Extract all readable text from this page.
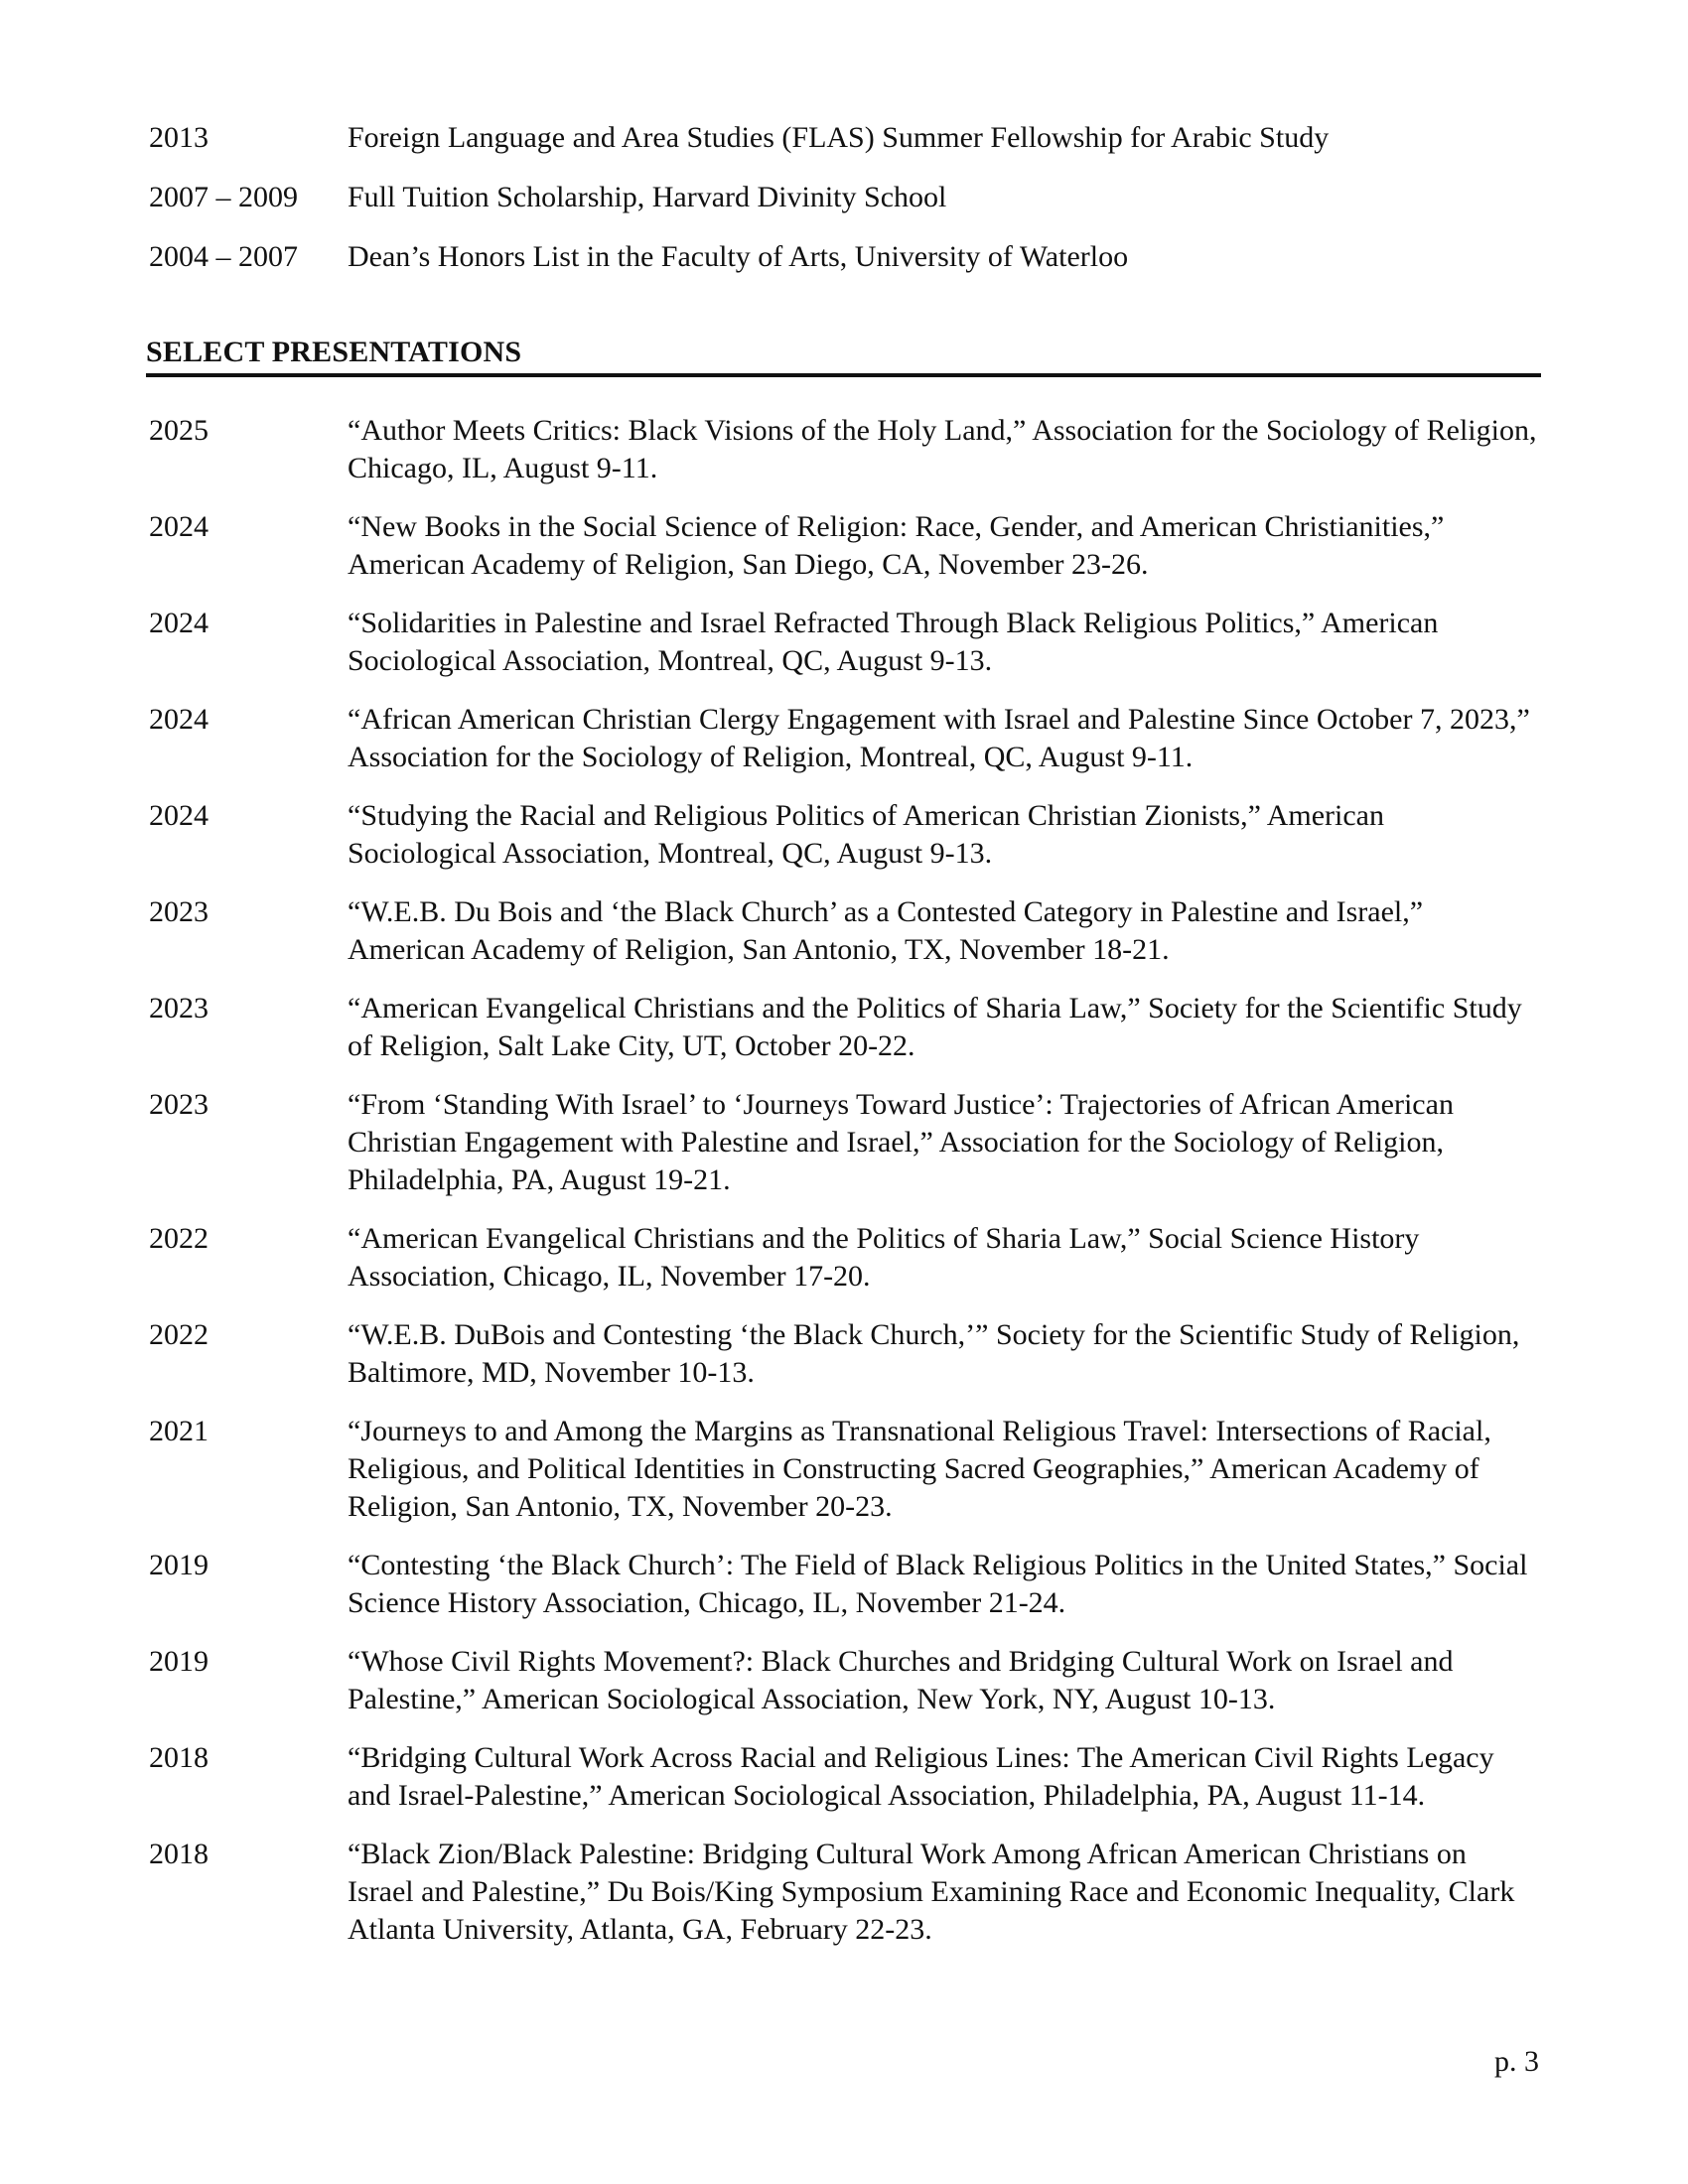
2013	Foreign Language and Area Studies (FLAS) Summer Fellowship for Arabic Study
2007 – 2009	Full Tuition Scholarship, Harvard Divinity School
2004 – 2007	Dean’s Honors List in the Faculty of Arts, University of Waterloo
SELECT PRESENTATIONS
2025	“Author Meets Critics: Black Visions of the Holy Land,” Association for the Sociology of Religion, Chicago, IL, August 9-11.
2024	“New Books in the Social Science of Religion: Race, Gender, and American Christianities,” American Academy of Religion, San Diego, CA, November 23-26.
2024	“Solidarities in Palestine and Israel Refracted Through Black Religious Politics,” American Sociological Association, Montreal, QC, August 9-13.
2024	“African American Christian Clergy Engagement with Israel and Palestine Since October 7, 2023,” Association for the Sociology of Religion, Montreal, QC, August 9-11.
2024	“Studying the Racial and Religious Politics of American Christian Zionists,” American Sociological Association, Montreal, QC, August 9-13.
2023	“W.E.B. Du Bois and ‘the Black Church’ as a Contested Category in Palestine and Israel,” American Academy of Religion, San Antonio, TX, November 18-21.
2023	“American Evangelical Christians and the Politics of Sharia Law,” Society for the Scientific Study of Religion, Salt Lake City, UT, October 20-22.
2023	“From ‘Standing With Israel’ to ‘Journeys Toward Justice’: Trajectories of African American Christian Engagement with Palestine and Israel,” Association for the Sociology of Religion, Philadelphia, PA, August 19-21.
2022	“American Evangelical Christians and the Politics of Sharia Law,” Social Science History Association, Chicago, IL, November 17-20.
2022	“W.E.B. DuBois and Contesting ‘the Black Church,’” Society for the Scientific Study of Religion, Baltimore, MD, November 10-13.
2021	“Journeys to and Among the Margins as Transnational Religious Travel: Intersections of Racial, Religious, and Political Identities in Constructing Sacred Geographies,” American Academy of Religion, San Antonio, TX, November 20-23.
2019	“Contesting ‘the Black Church’: The Field of Black Religious Politics in the United States,” Social Science History Association, Chicago, IL, November 21-24.
2019	“Whose Civil Rights Movement?: Black Churches and Bridging Cultural Work on Israel and Palestine,” American Sociological Association, New York, NY, August 10-13.
2018	“Bridging Cultural Work Across Racial and Religious Lines: The American Civil Rights Legacy and Israel-Palestine,” American Sociological Association, Philadelphia, PA, August 11-14.
2018	“Black Zion/Black Palestine: Bridging Cultural Work Among African American Christians on Israel and Palestine,” Du Bois/King Symposium Examining Race and Economic Inequality, Clark Atlanta University, Atlanta, GA, February 22-23.
p. 3
